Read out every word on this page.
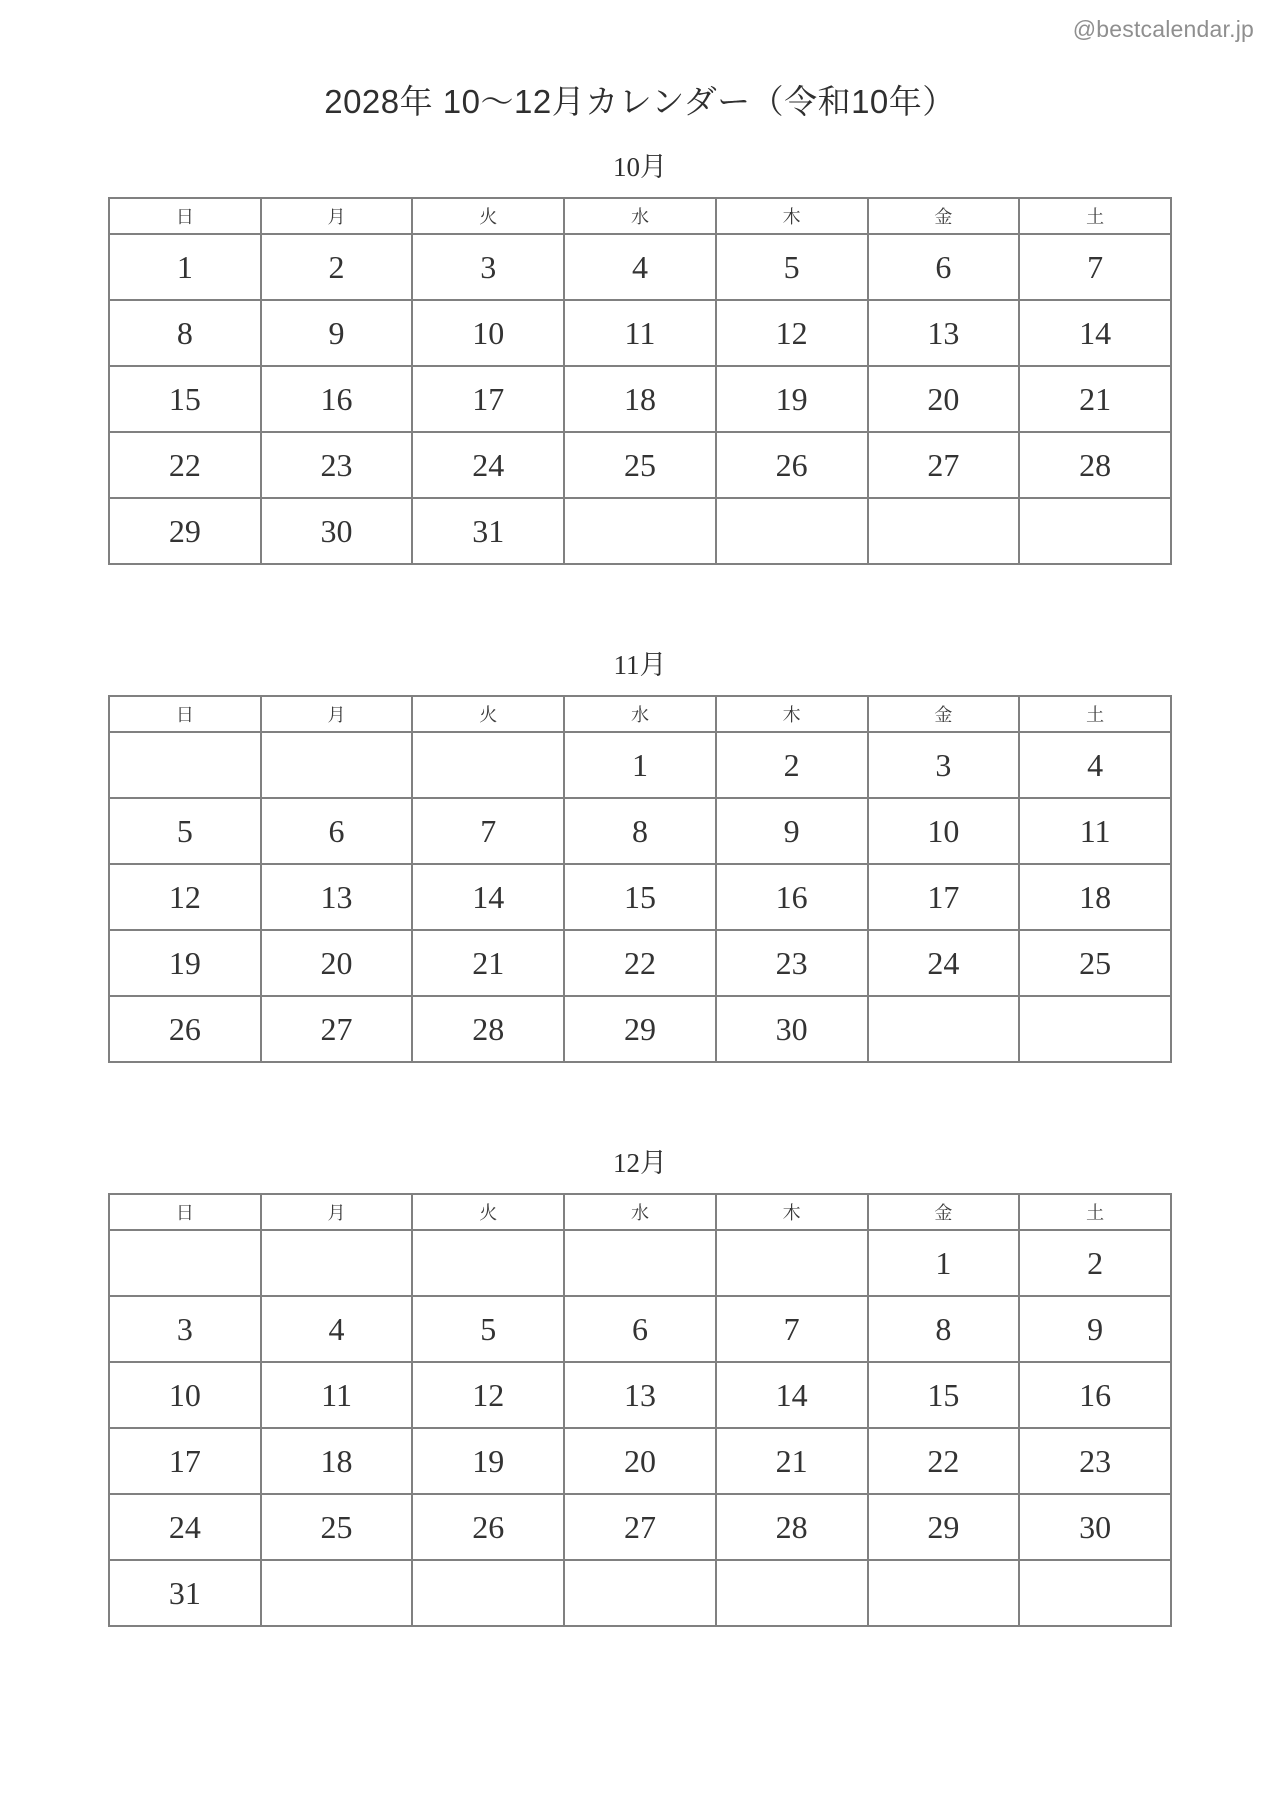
@bestcalendar.jp
2028年 10〜12月カレンダー（令和10年）
10月
日	月	火	水	木	金	土
1	2	3	4	5	6	7
8	9	10	11	12	13	14
15	16	17	18	19	20	21
22	23	24	25	26	27	28
29	30	31				
11月
日	月	火	水	木	金	土
			1	2	3	4
5	6	7	8	9	10	11
12	13	14	15	16	17	18
19	20	21	22	23	24	25
26	27	28	29	30		
12月
日	月	火	水	木	金	土
					1	2
3	4	5	6	7	8	9
10	11	12	13	14	15	16
17	18	19	20	21	22	23
24	25	26	27	28	29	30
31						
